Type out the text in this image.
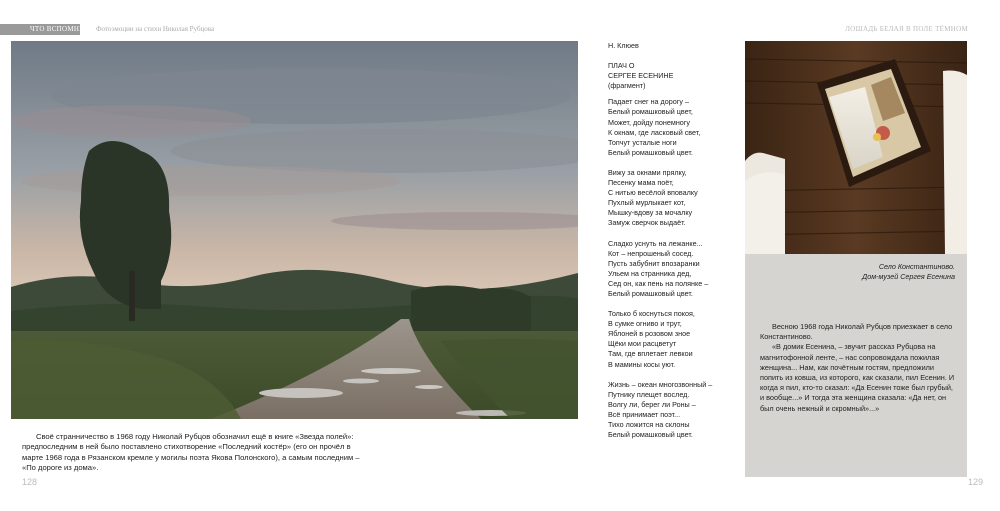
ЧТО ВСПОМНЮ Я?
Фотоэмоции на стихи Николая Рубцова	ЛОШАДЬ БЕЛАЯ В ПОЛЕ ТЁМНОМ

Своё странничество в 1968 году Николай Рубцов обозначил ещё в книге «Звезда полей»: предпоследним в ней было поставлено стихотворение «Последний костёр» (его он прочёл в марте 1968 года в Рязанском кремле у могилы поэта Якова Полонского), а самым последним – «По дороге из дома».

128
Н. Клюев
ПЛАЧ О
СЕРГЕЕ ЕСЕНИНЕ
(фрагмент)
Падает снег на дорогу –
Белый ромашковый цвет,
Может, дойду понемногу
К окнам, где ласковый свет,
Топчут усталые ноги
Белый ромашковый цвет.
Вижу за окнами прялку,
Песенку мама поёт,
С нитью весёлой вповалку
Пухлый мурлыкает кот,
Мышку-вдову за мочалку
Замуж сверчок выдаёт.
Сладко уснуть на лежанке...
Кот – непрошеный сосед.
Пусть забубнит впозаранки
Ульем на странника дед,
Сед он, как пень на полянке –
Белый ромашковый цвет.
Только б коснуться покоя,
В сумке огниво и трут,
Яблоней в розовом зное
Щёки мои расцветут
Там, где вплетает левкои
В мамины косы уют.
Жизнь – океан многозвонный –
Путнику плещет вослед.
Волгу ли, берег ли Роны –
Всё принимает поэт...
Тихо ложится на склоны
Белый ромашковый цвет.
Село Константиново.
Дом-музей Сергея Есенина

Весною 1968 года Николай Рубцов приезжает в село Константиново.

«В домик Есенина, – звучит рассказ Рубцова на магнитофонной ленте, – нас сопровождала пожилая женщина... Нам, как почётным гостям, предложили попить из ковша, из которого, как сказали, пил Есенин. И когда я пил, кто-то сказал: «Да Есенин тоже был грубый, и вообще...» И тогда эта женщина сказала: «Да нет, он был очень нежный и скромный»...»

129
